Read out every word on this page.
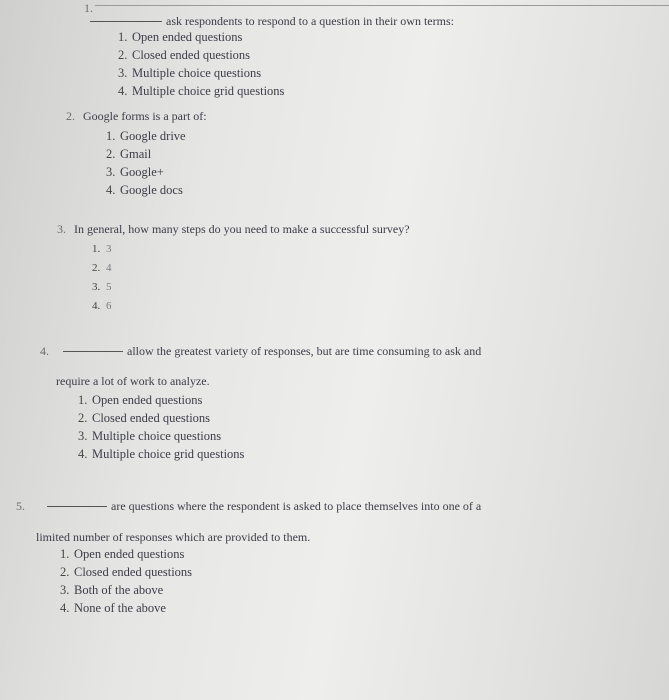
1.
ask respondents to respond to a question in their own terms:
1. Open ended questions
2. Closed ended questions
3. Multiple choice questions
4. Multiple choice grid questions
2. Google forms is a part of:
1. Google drive
2. Gmail
3. Google+
4. Google docs
3. In general, how many steps do you need to make a successful survey?
1. 3
2. 4
3. 5
4. 6
4.	allow the greatest variety of responses, but are time consuming to ask and
require a lot of work to analyze.
1. Open ended questions
2. Closed ended questions
3. Multiple choice questions
4. Multiple choice grid questions
5.	are questions where the respondent is asked to place themselves into one of a
limited number of responses which are provided to them.
1. Open ended questions
2. Closed ended questions
3. Both of the above
4. None of the above
